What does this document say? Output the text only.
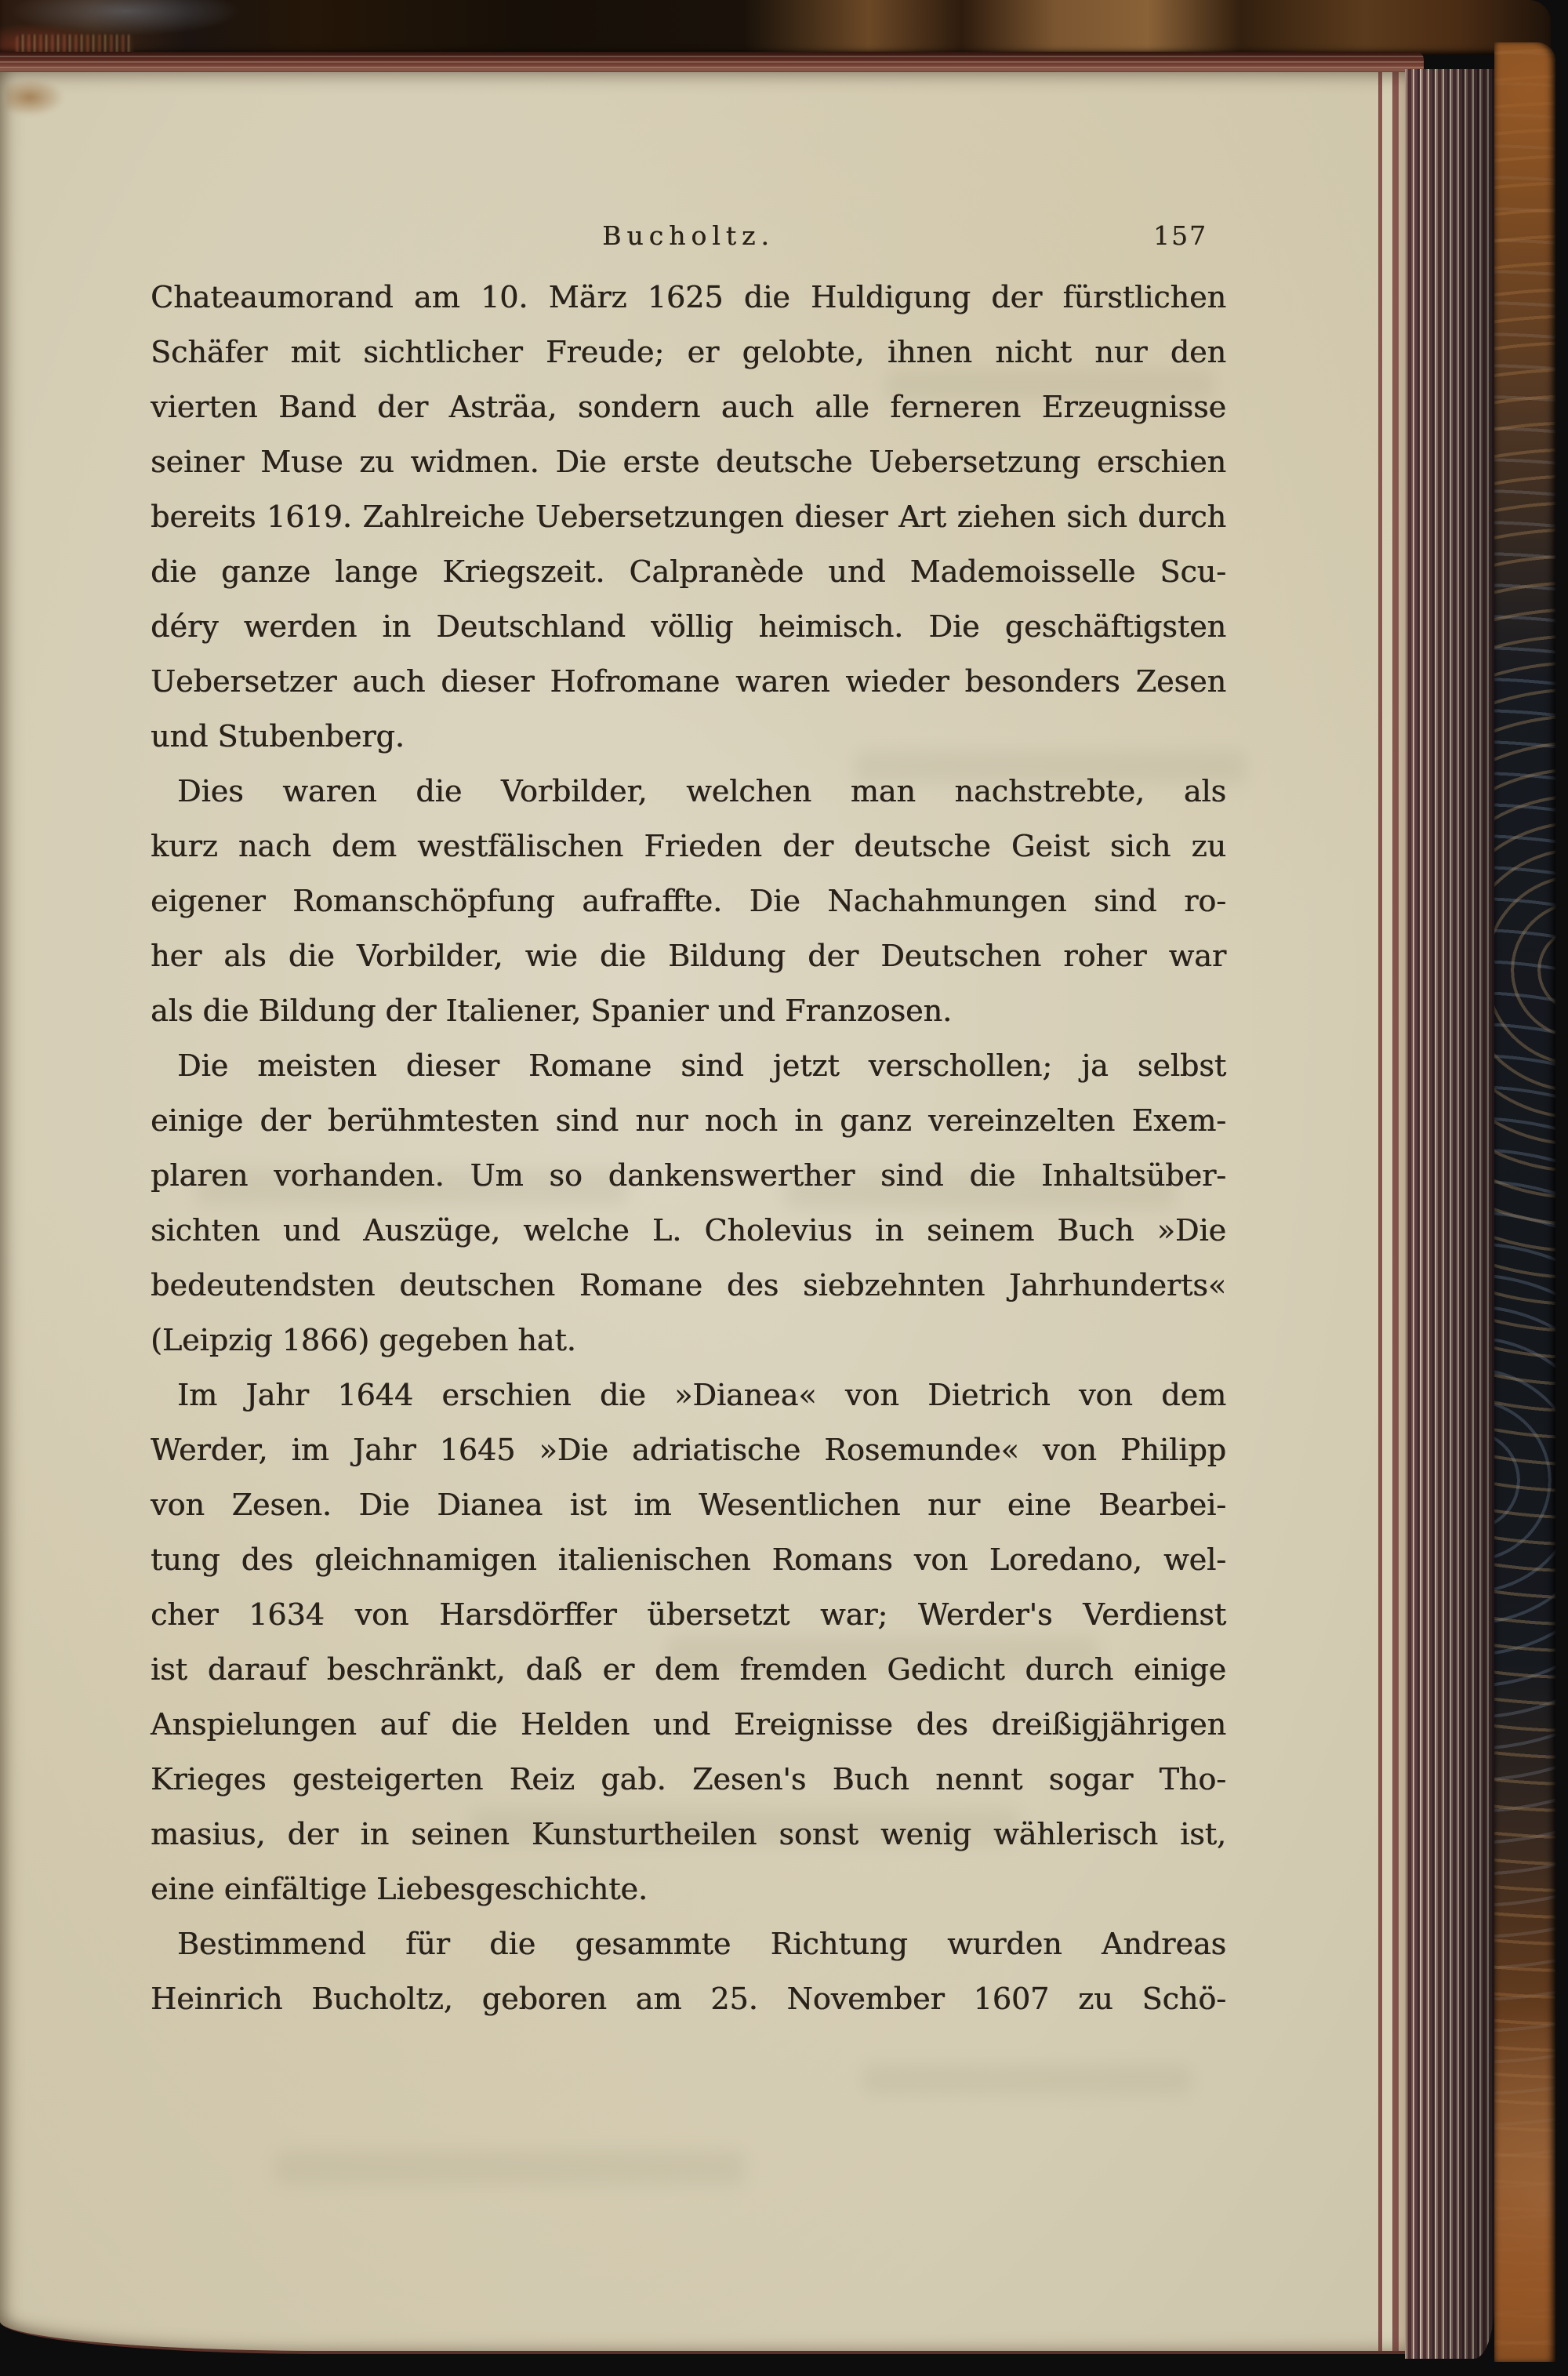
Bucholtz.	157

Chateaumorand am 10. März 1625 die Huldigung der fürstlichen

Schäfer mit sichtlicher Freude; er gelobte, ihnen nicht nur den

vierten Band der Asträa, sondern auch alle ferneren Erzeugnisse

seiner Muse zu widmen. Die erste deutsche Uebersetzung erschien

bereits 1619. Zahlreiche Uebersetzungen dieser Art ziehen sich durch

die ganze lange Kriegszeit. Calpranède und Mademoisselle Scu-

déry werden in Deutschland völlig heimisch. Die geschäftigsten

Uebersetzer auch dieser Hofromane waren wieder besonders Zesen

und Stubenberg.

Dies waren die Vorbilder, welchen man nachstrebte, als

kurz nach dem westfälischen Frieden der deutsche Geist sich zu

eigener Romanschöpfung aufraffte. Die Nachahmungen sind ro-

her als die Vorbilder, wie die Bildung der Deutschen roher war

als die Bildung der Italiener, Spanier und Franzosen.

Die meisten dieser Romane sind jetzt verschollen; ja selbst

einige der berühmtesten sind nur noch in ganz vereinzelten Exem-

plaren vorhanden. Um so dankenswerther sind die Inhaltsüber-

sichten und Auszüge, welche L. Cholevius in seinem Buch »Die

bedeutendsten deutschen Romane des siebzehnten Jahrhunderts«

(Leipzig 1866) gegeben hat.

Im Jahr 1644 erschien die »Dianea« von Dietrich von dem

Werder, im Jahr 1645 »Die adriatische Rosemunde« von Philipp

von Zesen. Die Dianea ist im Wesentlichen nur eine Bearbei-

tung des gleichnamigen italienischen Romans von Loredano, wel-

cher 1634 von Harsdörffer übersetzt war; Werder's Verdienst

ist darauf beschränkt, daß er dem fremden Gedicht durch einige

Anspielungen auf die Helden und Ereignisse des dreißigjährigen

Krieges gesteigerten Reiz gab. Zesen's Buch nennt sogar Tho-

masius, der in seinen Kunsturtheilen sonst wenig wählerisch ist,

eine einfältige Liebesgeschichte.

Bestimmend für die gesammte Richtung wurden Andreas

Heinrich Bucholtz, geboren am 25. November 1607 zu Schö-
